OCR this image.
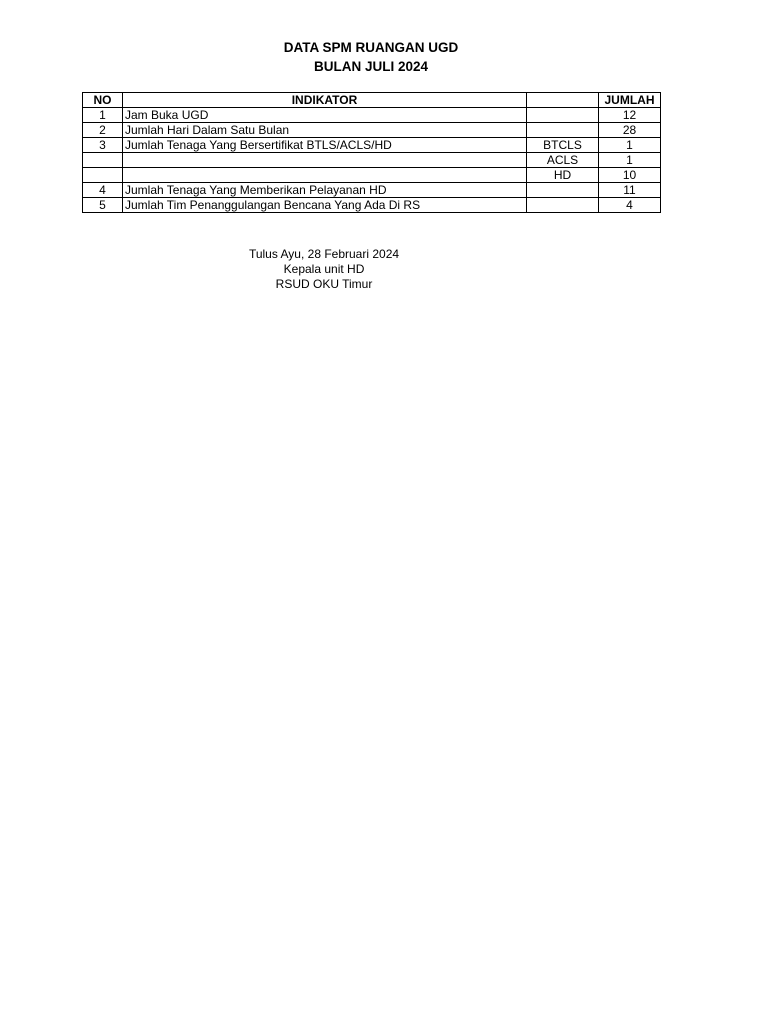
DATA SPM RUANGAN UGD
BULAN JULI 2024
NO	INDIKATOR		JUMLAH
1	Jam Buka UGD		12
2	Jumlah Hari Dalam Satu Bulan		28
3	Jumlah Tenaga Yang Bersertifikat BTLS/ACLS/HD	BTCLS	1
		ACLS	1
		HD	10
4	Jumlah Tenaga Yang Memberikan Pelayanan HD		11
5	Jumlah Tim Penanggulangan Bencana Yang Ada Di RS		4
Tulus Ayu, 28 Februari 2024
Kepala unit HD
RSUD OKU Timur
